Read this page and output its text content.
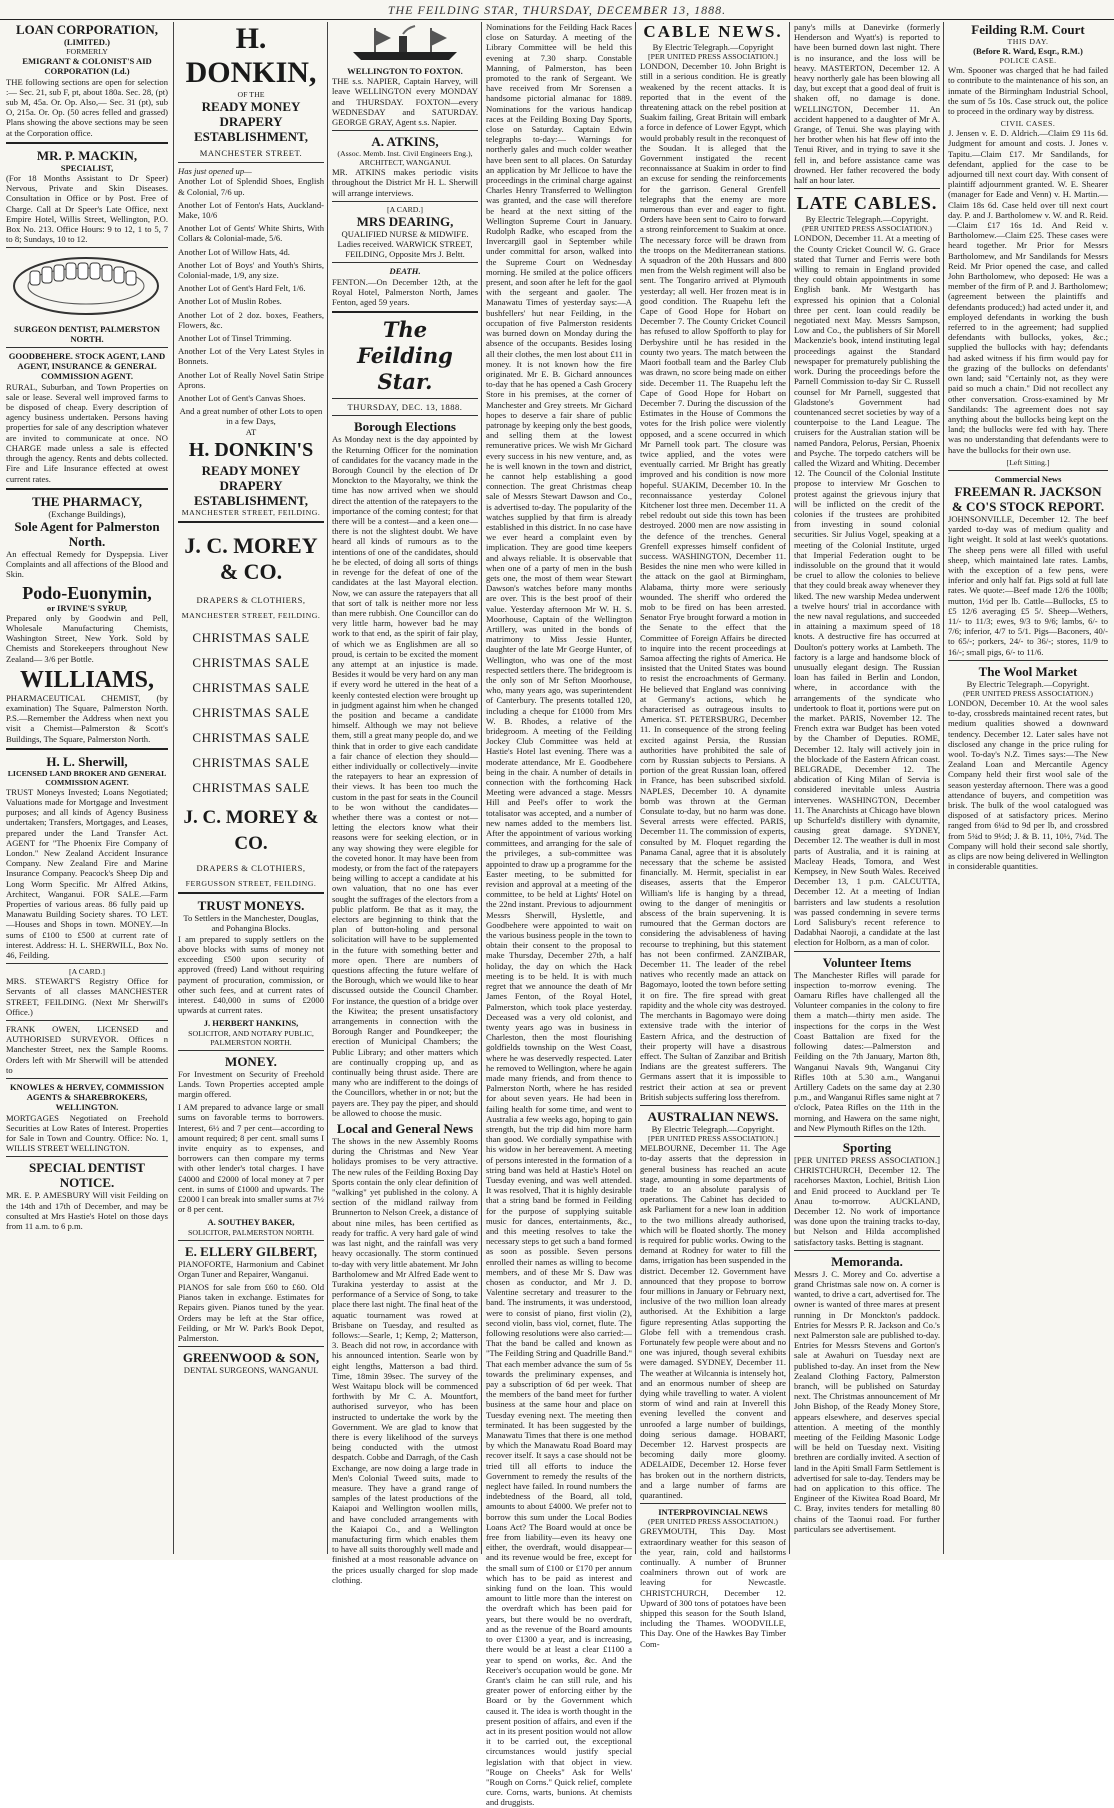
THE FEILDING STAR, THURSDAY, DECEMBER 13, 1888.
LOAN CORPORATION,
(LIMITED.)
FORMERLY
EMIGRANT & COLONIST'S AID CORPORATION (Ld.)

THE following sections are open for selection :— Sec. 21, sub F, pt, about 180a. Sec. 28, (pt) sub M, 45a. Or. Op. Also,— Sec. 31 (pt), sub O, 215a. Or. Op. (50 acres felled and grassed) Plans showing the above sections may be seen at the Corporation office.

MR. P. MACKIN,
SPECIALIST,

(For 18 Months Assistant to Dr Speer) Nervous, Private and Skin Diseases. Consultation in Office or by Post. Free of Charge. Call at Dr Speer's Late Office, next Empire Hotel, Willis Street, Wellington, P.O. Box No. 213. Office Hours: 9 to 12, 1 to 5, 7 to 8; Sundays, 10 to 12.

SURGEON DENTIST, PALMERSTON NORTH.
GOODBEHERE. STOCK AGENT, LAND AGENT, INSURANCE & GENERAL COMMISSION AGENT.

RURAL, Suburban, and Town Properties on sale or lease. Several well improved farms to be disposed of cheap. Every description of agency business undertaken. Persons having properties for sale of any description whatever are invited to communicate at once. NO CHARGE made unless a sale is effected through the agency. Rents and debts collected. Fire and Life Insurance effected at owest current rates.

THE PHARMACY,
(Exchange Buildings),
Sole Agent for Palmerston North.

An effectual Remedy for Dyspepsia. Liver Complaints and all affections of the Blood and Skin.

Podo-Euonymin,
or IRVINE'S SYRUP,

Prepared only by Goodwin and Pell, Wholesale Manufacturing Chemists, Washington Street, New York. Sold by Chemists and Storekeepers throughout New Zealand— 3/6 per Bottle.

WILLIAMS,

PHARMACEUTICAL CHEMIST, (by examination) The Square, Palmerston North. P.S.—Remember the Address when next you visit a Chemist—Palmerston & Scott's Buildings, The Square, Palmerston North.

H. L. Sherwill,
LICENSED LAND BROKER AND GENERAL COMMISSION AGENT.

TRUST Moneys Invested; Loans Negotiated; Valuations made for Mortgage and Investment purposes; and all kinds of Agency Business undertaken; Transfers, Mortgages, and Leases, prepared under the Land Transfer Act. AGENT for "The Phoenix Fire Company of London." New Zealand Accident Insurance Company. New Zealand Fire and Marine Insurance Company. Peacock's Sheep Dip and Long Worm Specific. Mr Alfred Atkins, Architect, Wanganui. FOR SALE.—Farm Properties of various areas. 86 fully paid up Manawatu Building Society shares. TO LET.—Houses and Shops in town. MONEY.—In sums of £100 to £500 at current rate of interest. Address: H. L. SHERWILL, Box No. 46, Feilding.

[A CARD.]

MRS. STEWART'S Registry Office for Servants of all classes MANCHESTER STREET, FEILDING. (Next Mr Sherwill's Office.)

FRANK OWEN, LICENSED and AUTHORISED SURVEYOR. Offices n Manchester Street, nex the Sample Rooms. Orders left with Mr Sherwill will be attended to

KNOWLES & HERVEY, COMMISSION AGENTS & SHAREBROKERS, WELLINGTON.

MORTGAGES Negotiated on Freehold Securities at Low Rates of Interest. Properties for Sale in Town and Country. Office: No. 1, WILLIS STREET WELLINGTON.

SPECIAL DENTIST NOTICE.

MR. E. P. AMESBURY Will visit Feilding on the 14th and 17th of December, and may be consulted at Mrs Hastie's Hotel on those days from 11 a.m. to 6 p.m.

H. DONKIN,
OF THE
READY MONEY DRAPERY ESTABLISHMENT,
MANCHESTER STREET.
Has just opened up—

Another Lot of Splendid Shoes, English & Colonial, 7/6 up.

Another Lot of Fenton's Hats, Auckland-Make, 10/6

Another Lot of Gents' White Shirts, With Collars & Colonial-made, 5/6.

Another Lot of Willow Hats, 4d.

Another Lot of Boys' and Youth's Shirts, Colonial-made, 1/9, any size.

Another Lot of Gent's Hard Felt, 1/6.

Another Lot of Muslin Robes.

Another Lot of 2 doz. boxes, Feathers, Flowers, &c.

Another Lot of Tinsel Trimming.

Another Lot of the Very Latest Styles in Bonnets.

Another Lot of Really Novel Satin Stripe Aprons.

Another Lot of Gent's Canvas Shoes.

And a great number of other Lots to open in a few Days,
AT
H. DONKIN'S
READY MONEY DRAPERY ESTABLISHMENT,
MANCHESTER STREET, FEILDING.
J. C. MOREY & CO.
DRAPERS & CLOTHIERS,
MANCHESTER STREET, FEILDING.
CHRISTMAS SALE
CHRISTMAS SALE
CHRISTMAS SALE
CHRISTMAS SALE
CHRISTMAS SALE
CHRISTMAS SALE
CHRISTMAS SALE
J. C. MOREY & CO.
DRAPERS & CLOTHIERS,
FERGUSSON STREET, FEILDING.
TRUST MONEYS.
To Settlers in the Manchester, Douglas, and Pohangina Blocks.

I am prepared to supply settlers on the above blocks with sums of money not exceeding £500 upon security of approved (freed) Land without requiring payment of procuration, commission, or other such fees, and at current rates of interest. £40,000 in sums of £2000 upwards at current rates.

J. HERBERT HANKINS,
SOLICITOR, AND NOTARY PUBLIC, PALMERSTON NORTH.
MONEY.

For Investment on Security of Freehold Lands. Town Properties accepted ample margin offered.

I AM prepared to advance large or small sums on favorable terms to borrowers. Interest, 6½ and 7 per cent—according to amount required; 8 per cent. small sums I invite enquiry as to expenses, and borrowers can then compare my terms with other lender's total charges. I have £4000 and £2000 of local money at 7 per cent. in sums of £1000 and upwards. The £2000 I can break into smaller sums at 7½ or 8 per cent.

A. SOUTHEY BAKER,
SOLICITOR, PALMERSTON NORTH.
E. ELLERY GILBERT,

PIANOFORTE, Harmonium and Cabinet Organ Tuner and Repairer, Wanganui.

PIANOS for sale from £60 to £60. Old Pianos taken in exchange. Estimates for Repairs given. Pianos tuned by the year. Orders may be left at the Star office, Feilding, or Mr W. Park's Book Depot, Palmerston.

GREENWOOD & SON,
DENTAL SURGEONS, WANGANUI.
WELLINGTON TO FOXTON.

THE s.s. NAPIER, Captain Harvey, will leave WELLINGTON every MONDAY and THURSDAY. FOXTON—every WEDNESDAY and SATURDAY. GEORGE GRAY, Agent s.s. Napier.

A. ATKINS,
(Assoc. Memb. Inst. Civil Engineers Eng.), ARCHITECT, WANGANUI.

MR. ATKINS makes periodic visits throughout the District Mr H. L. Sherwill will arrange interviews.

[A CARD.]
MRS DEARING,

QUALIFIED NURSE & MIDWIFE. Ladies received. WARWICK STREET, FEILDING, Opposite Mrs J. Beltt.

DEATH.

FENTON.—On December 12th, at the Royal Hotel, Palmerston North, James Fenton, aged 59 years.

The Feilding Star.
THURSDAY, DEC. 13, 1888.
Borough Elections

As Monday next is the day appointed by the Returning Officer for the nomination of candidates for the vacancy made in the Borough Council by the election of Dr Monckton to the Mayoralty, we think the time has now arrived when we should direct the attention of the ratepayers to the importance of the coming contest; for that there will be a contest—and a keen one—there is not the slightest doubt. We have heard all kinds of rumours as to the intentions of one of the candidates, should he be elected, of doing all sorts of things in revenge for the defeat of one of the candidates at the last Mayoral election. Now, we can assure the ratepayers that all that sort of talk is neither more nor less than mere rubbish. One Councillor can do very little harm, however bad he may work to that end, as the spirit of fair play, of which we as Englishmen are all so proud, is certain to be excited the moment any attempt at an injustice is made. Besides it would be very hard on any man if every word he uttered in the heat of a keenly contested election were brought up in judgment against him when he changed the position and became a candidate himself. Although we may not believe them, still a great many people do, and we think that in order to give each candidate a fair chance of election they should—either individually or collectively—invite the ratepayers to hear an expression of their views. It has been too much the custom in the past for seats in the Council to be won without the candidates—whether there was a contest or not—letting the electors know what their reasons were for seeking election, or in any way showing they were elegible for the coveted honor. It may have been from modesty, or from the fact of the ratepayers being willing to accept a candidate at his own valuation, that no one has ever sought the suffrages of the electors from a public platform. Be that as it may, the electors are beginning to think that the plan of button-holing and personal solicitation will have to be supplemented in the future with something better and more open. There are numbers of questions affecting the future welfare of the Borough, which we would like to hear discussed outside the Council Chamber. For instance, the question of a bridge over the Kiwitea; the present unsatisfactory arrangements in connection with the Borough Ranger and Poundkeeper; the erection of Municipal Chambers; the Public Library; and other matters which are continually cropping up, and as continually being thrust aside. There are many who are indifferent to the doings of the Councillors, whether in or not; but the payers are. They pay the piper, and should be allowed to choose the music.

Local and General News

The shows in the new Assembly Rooms during the Christmas and New Year holidays promises to be very attractive. The new rules of the Feilding Boxing Day Sports contain the only clear definition of "walking" yet published in the colony. A section of the midland railway from Brunnerton to Nelson Creek, a distance of about nine miles, has been certified as ready for traffic. A very hard gale of wind was last night, and the rainfall was very heavy occasionally. The storm continued to-day with very little abatement. Mr John Bartholomew and Mr Alfred Eade went to Turakina yesterday to assist at the performance of a Service of Song, to take place there last night. The final heat of the aquatic tournament was rowed at Brisbane on Tuesday, and resulted as follows:—Searle, 1; Kemp, 2; Matterson, 3. Beach did not row, in accordance with his announced intention. Searle won by eight lengths, Matterson a bad third. Time, 18min 39sec. The survey of the West Waitapu block will be commenced forthwith by Mr C. A. Mountfort, authorised surveyor, who has been instructed to undertake the work by the Government. We are glad to know that there is every likelihood of the surveys being conducted with the utmost despatch. Cobbe and Darragh, of the Cash Exchange, are now doing a large trade in Men's Colonial Tweed suits, made to measure. They have a grand range of samples of the latest productions of the Kaiapoi and Wellington woollen mills, and have concluded arrangements with the Kaiapoi Co., and a Wellington manufacturing firm which enables them to have all suits thoroughly well made and finished at a most reasonable advance on the prices usually charged for slop made clothing.

Nominations for the Feilding Hack Races close on Saturday. A meeting of the Library Committee will be held this evening at 7.30 sharp. Constable Manning, of Palmerston, has been promoted to the rank of Sergeant. We have received from Mr Sorensen a handsome pictorial almanac for 1889. Nominations for the various handicap races at the Feilding Boxing Day Sports, close on Saturday. Captain Edwin telegraphs to-day:— Warnings for northerly gales and much colder weather have been sent to all places. On Saturday an application by Mr Jellicoe to have the proceedings in the criminal charge against Charles Henry Transferred to Wellington was granted, and the case will therefore be heard at the next sitting of the Wellington Supreme Court in January. Rudolph Radke, who escaped from the Invercargill gaol in September while under committal for arson, walked into the Supreme Court on Wednesday morning. He smiled at the police officers present, and soon after he left for the gaol with the sergeant and gaoler. The Manawatu Times of yesterday says:—A bushfellers' hut near Feilding, in the occupation of five Palmerston residents was burned down on Monday during the absence of the occupants. Besides losing all their clothes, the men lost about £11 in money. It is not known how the fire originated. Mr E. B. Gichard announces to-day that he has opened a Cash Grocery Store in his premises, at the corner of Manchester and Grey streets. Mr Gichard hopes to deserve a fair share of public patronage by keeping only the best goods, and selling them at the lowest remunerative prices. We wish Mr Gichard every success in his new venture, and, as he is well known in the town and district, he cannot help establishing a good connection. The great Christmas cheap sale of Messrs Stewart Dawson and Co., is advertised to-day. The popularity of the watches supplied by that firm is already established in this district. In no case have we ever heard a complaint even by implication. They are good time keepers and always reliable. It is observable that when one of a party of men in the bush gets one, the most of them wear Stewart Dawson's watches before many months are over. This is the best proof of their value. Yesterday afternoon Mr W. H. S. Moorhouse, Captain of the Wellington Artillery, was united in the bonds of matrimony to Miss Jessie Hunter, daughter of the late Mr George Hunter, of Wellington, who was one of the most respected settlers there. The bridegroom is the only son of Mr Sefton Moorhouse, who, many years ago, was superintendent of Canterbury. The presents totalled 120, including a cheque for £1000 from Mrs W. B. Rhodes, a relative of the bridegroom. A meeting of the Feilding Jockey Club Committee was held at Hastie's Hotel last evening. There was a moderate attendance, Mr E. Goodbehere being in the chair. A number of details in connection with the forthcoming Hack Meeting were advanced a stage. Messrs Hill and Peel's offer to work the totalisator was accepted, and a number of new names added to the members list. After the appointment of various working committees, and arranging for the sale of the privileges, a sub-committee was appointed to draw up a programme for the Easter meeting, to be submitted for revision and approval at a meeting of the committee, to be held at Lights' Hotel on the 22nd instant. Previous to adjournment Messrs Sherwill, Hyslettle, and Goodbehere were appointed to wait on the various business people in the town to obtain their consent to the proposal to make Thursday, December 27th, a half holiday, the day on which the Hack meeting is to be held. It is with much regret that we announce the death of Mr James Fenton, of the Royal Hotel, Palmerston, which took place yesterday. Deceased was a very old colonist, and twenty years ago was in business in Charleston, then the most flourishing goldfields township on the West Coast, where he was deservedly respected. Later he removed to Wellington, where he again made many friends, and from thence to Palmerston North, where he has resided for about seven years. He had been in failing health for some time, and went to Australia a few weeks ago, hoping to gain strength, but the trip did him more harm than good. We cordially sympathise with his widow in her bereavement. A meeting of persons interested in the formation of a string band was held at Hastie's Hotel on Tuesday evening, and was well attended. It was resolved, That it is highly desirable that a string band be formed in Feilding for the purpose of supplying suitable music for dances, entertainments, &c., and this meeting resolves to take the necessary steps to get such a band formed as soon as possible. Seven persons enrolled their names as willing to become members, and of these Mr S. Daw was chosen as conductor, and Mr J. D. Valentine secretary and treasurer to the band. The instruments, it was understood, were to consist of piano, first violin (2), second violin, bass viol, cornet, flute. The following resolutions were also carried:—That the band be called and known as "The Feilding String and Quadrille Band." That each member advance the sum of 5s towards the preliminary expenses, and pay a subscription of 6d per week. That the members of the band meet for further business at the same hour and place on Tuesday evening next. The meeting then terminated. It has been suggested by the Manawatu Times that there is one method by which the Manawatu Road Board may recover itself. It says a case should not be tried till all efforts to induce the Government to remedy the results of the neglect have failed. In round numbers the indebtedness of the Board, all told, amounts to about £4000. We prefer not to borrow this sum under the Local Bodies Loans Act? The Board would at once be free from liability—even its heavy one either, the overdraft, would disappear—and its revenue would be free, except for the small sum of £100 or £170 per annum which has to be paid as interest and sinking fund on the loan. This would amount to little more than the interest on the overdraft which has been paid for years, but there would be no overdraft, and as the revenue of the Board amounts to over £1300 a year, and is increasing, there would be at least a clear £1100 a year to spend on works, &c. And the Receiver's occupation would be gone. Mr Grant's claim he can still rule, and his greater power of enforcing either by the Board or by the Government which caused it. The idea is worth thought in the present position of affairs, and even if the act in its present position would not allow it to be carried out, the exceptional circumstances would justify special legislation with that object in view. "Rouge on Cheeks" Ask for Wells' "Rough on Corns." Quick relief, complete cure. Corns, warts, bunions. At chemists and druggists.

CABLE NEWS.
By Electric Telegraph.—Copyright
[PER UNITED PRESS ASSOCIATION.]

LONDON, December 10. John Bright is still in a serious condition. He is greatly weakened by the recent attacks. It is reported that in the event of the threatening attack on the rebel position at Suakim failing, Great Britain will embark a force in defence of Lower Egypt, which would probably result in the reconquest of the Soudan. It is alleged that the Government instigated the recent reconnaissance at Suakim in order to find an excuse for sending the reinforcements for the garrison. General Grenfell telegraphs that the enemy are more numerous than ever and eager to fight. Orders have been sent to Cairo to forward a strong reinforcement to Suakim at once. The necessary force will be drawn from the troops on the Mediterranean stations. A squadron of the 20th Hussars and 800 men from the Welsh regiment will also be sent. The Tongariro arrived at Plymouth yesterday; all well. Her frozen meat is in good condition. The Ruapehu left the Cape of Good Hope for Hobart on December 7. The County Cricket Council has refused to allow Spofforth to play for Derbyshire until he has resided in the county two years. The match between the Maori football team and the Barley Club was drawn, no score being made on either side. December 11. The Ruapehu left the Cape of Good Hope for Hobart on December 7. During the discussion of the Estimates in the House of Commons the votes for the Irish police were violently opposed, and a scene occurred in which Mr Parnell took part. The closure was twice applied, and the votes were eventually carried. Mr Bright has greatly improved and his condition is now more hopeful. SUAKIM, December 10. In the reconnaissance yesterday Colonel Kitchener lost three men. December 11. A rebel redoubt out side this town has been destroyed. 2000 men are now assisting in the defence of the trenches. General Grenfell expresses himself confident of success. WASHINGTON, December 11. Besides the nine men who were killed in the attack on the gaol at Birmingham, Alabama, thirty more were seriously wounded. The sheriff who ordered the mob to be fired on has been arrested. Senator Frye brought forward a motion in the Senate to the effect that the Committee of Foreign Affairs be directed to inquire into the recent proceedings at Samoa affecting the rights of America. He insisted that the United States was bound to resist the encroachments of Germany. He believed that England was conniving at Germany's actions, which he characterised as outrageous insults to America. ST. PETERSBURG, December 11. In consequence of the strong feeling excited against Persia, the Russian authorities have prohibited the sale of corn by Russian subjects to Persians. A portion of the great Russian loan, offered in France, has been subscribed sixfold. NAPLES, December 10. A dynamite bomb was thrown at the German Consulate to-day, but no harm was done. Several arrests were effected. PARIS, December 11. The commission of experts, consulted by M. Floquet regarding the Panama Canal, agree that it is absolutely necessary that the scheme be assisted financially. M. Hermit, specialist in ear diseases, asserts that the Emperor William's life is hanging by a thread, owing to the danger of meningitis or abscess of the brain supervening. It is rumoured that the German doctors are considering the advisableness of having recourse to trephining, but this statement has not been confirmed. ZANZIBAR, December 11. The leader of the rebel natives who recently made an attack on Bagomayo, looted the town before setting it on fire. The fire spread with great rapidity and the whole city was destroyed. The merchants in Bagomayo were doing extensive trade with the interior of Eastern Africa, and the destruction of their property will have a disastrous effect. The Sultan of Zanzibar and British Indians are the greatest sufferers. The Germans assert that it is impossible to restrict their action at sea or prevent British subjects suffering loss therefrom.

AUSTRALIAN NEWS.
By Electric Telegraph.—Copyright.
[PER UNITED PRESS ASSOCIATION.]

MELBOURNE, December 11. The Age to-day asserts that the depression in general business has reached an acute stage, amounting in some departments of trade to an absolute paralysis of operations. The Cabinet has decided to ask Parliament for a new loan in addition to the two millions already authorised, which will be floated shortly. The money is required for public works. Owing to the demand at Rodney for water to fill the dams, irrigation has been suspended in the district. December 12. Government have announced that they propose to borrow four millions in January or February next, inclusive of the two million loan already authorised. At the Exhibition a large figure representing Atlas supporting the Globe fell with a tremendous crash. Fortunately few people were about and no one was injured, though several exhibits were damaged. SYDNEY, December 11. The weather at Wilcannia is intensely hot, and an enormous number of sheep are dying while travelling to water. A violent storm of wind and rain at Inverell this evening levelled the convent and unroofed a large number of buildings, doing serious damage. HOBART, December 12. Harvest prospects are becoming daily more gloomy. ADELAIDE, December 12. Horse fever has broken out in the northern districts, and a large number of farms are quarantined.

INTERPROVINCIAL NEWS
(PER UNITED PRESS ASSOCIATION.)

GREYMOUTH, This Day. Most extraordinary weather for this season of the year, rain, cold and hailstorms continually. A number of Brunner coalminers thrown out of work are leaving for Newcastle. CHRISTCHURCH, December 12. Upward of 300 tons of potatoes have been shipped this season for the South Island, including the Thames. WOODVILLE, This Day. One of the Hawkes Bay Timber Com-

pany's mills at Danevirke (formerly Henderson and Wyatt's) is reported to have been burned down last night. There is no insurance, and the loss will be heavy. MASTERTON, December 12. A heavy northerly gale has been blowing all day, but except that a good deal of fruit is shaken off, no damage is done. WELLINGTON, December 11. An accident happened to a daughter of Mr A. Grange, of Tenui. She was playing with her brother when his hat flew off into the Tenui River, and in trying to save it she fell in, and before assistance came was drowned. Her father recovered the body half an hour later.

LATE CABLES.
By Electric Telegraph.—Copyright.
(PER UNITED PRESS ASSOCIATION.)

LONDON, December 11. At a meeting of the County Cricket Council W. G. Grace stated that Turner and Ferris were both willing to remain in England provided they could obtain appointments in some English bank. Mr Westgarth has expressed his opinion that a Colonial three per cent. loan could readily be negotiated next May. Messrs Sampson, Low and Co., the publishers of Sir Morell Mackenzie's book, intend instituting legal proceedings against the Standard newspaper for prematurely publishing the work. During the proceedings before the Parnell Commission to-day Sir C. Russell counsel for Mr Parnell, suggested that Gladstone's Government had countenanced secret societies by way of a counterpoise to the Land League. The cruisers for the Australian station will be named Pandora, Pelorus, Persian, Phoenix and Psyche. The torpedo catchers will be called the Wizard and Whiting. December 12. The Council of the Colonial Institute propose to interview Mr Goschen to protest against the grievous injury that will be inflicted on the credit of the colonies if the trustees are prohibited from investing in sound colonial securities. Sir Julius Vogel, speaking at a meeting of the Colonial Institute, urged that Imperial Federation ought to be indissoluble on the ground that it would be cruel to allow the colonies to believe that they could break away whenever they liked. The new warship Medea underwent a twelve hours' trial in accordance with the new naval regulations, and succeeded in attaining a maximum speed of 18 knots. A destructive fire has occurred at Doulton's pottery works at Lambeth. The factory is a large and handsome block of unusually elegant design. The Russian loan has failed in Berlin and London, where, in accordance with the arrangements of the syndicate who undertook to float it, portions were put on the market. PARIS, November 12. The French extra war Budget has been voted by the Chamber of Deputies. ROME, December 12. Italy will actively join in the blockade of the Eastern African coast. BELGRADE, December 12. The abdication of King Milan of Servia is considered inevitable unless Austria intervenes. WASHINGTON, December 11. The Anarchists at Chicago have blown up Schurfeld's distillery with dynamite, causing great damage. SYDNEY, December 12. The weather is dull in most parts of Australia, and it is raining at Macleay Heads, Tomora, and West Kempsey, in New South Wales. Received December 13, 1 p.m. CALCUTTA, December 12. At a meeting of Indian barristers and law students a resolution was passed condemning in severe terms Lord Salisbury's recent reference to Dadabhai Naoroji, a candidate at the last election for Holborn, as a man of color.

Volunteer Items

The Manchester Rifles will parade for inspection to-morrow evening. The Oamaru Rifles have challenged all the Volunteer companies in the colony to fire them a match—thirty men aside. The inspections for the corps in the West Coast Battalion are fixed for the following dates:—Palmerston and Feilding on the 7th January, Marton 8th, Wanganui Navals 9th, Wanganui City Rifles 10th at 5.30 a.m., Wanganui Artillery Cadets on the same day at 2.30 p.m., and Wanganui Rifles same night at 7 o'clock, Patea Rifles on the 11th in the morning, and Hawera on the same night, and New Plymouth Rifles on the 12th.

Sporting

[PER UNITED PRESS ASSOCIATION.] CHRISTCHURCH, December 12. The racehorses Maxton, Lochiel, British Lion and Enid proceed to Auckland per Te Anau to-morrow. AUCKLAND, December 12. No work of importance was done upon the training tracks to-day, but Nelson and Hilda accomplished satisfactory tasks. Betting is stagnant.

Memoranda.

Messrs J. C. Morey and Co. advertise a grand Christmas sale now on. A corner is wanted, to drive a cart, advertised for. The owner is wanted of three mares at present running in Dr Monckton's paddock. Entries for Messrs P. R. Jackson and Co.'s next Palmerston sale are published to-day. Entries for Messrs Stevens and Gorton's sale at Awahuri on Tuesday next are published to-day. An inset from the New Zealand Clothing Factory, Palmerston branch, will be published on Saturday next. The Christmas announcement of Mr John Bishop, of the Ready Money Store, appears elsewhere, and deserves special attention. A meeting of the monthly meeting of the Feilding Masonic Lodge will be held on Tuesday next. Visiting brethren are cordially invited. A section of land in the Apiti Small Farm Settlement is advertised for sale to-day. Tenders may be had on application to this office. The Engineer of the Kiwitea Road Board, Mr C. Bray, invites tenders for metalling 80 chains of the Taonui road. For further particulars see advertisement.

Feilding R.M. Court
THIS DAY.
(Before R. Ward, Esqr., R.M.)
POLICE CASE.

Wm. Spooner was charged that he had failed to contribute to the maintenance of his son, an inmate of the Birmingham Industrial School, the sum of 5s 10s. Case struck out, the police to proceed in the ordinary way by distress.

CIVIL CASES.

J. Jensen v. E. D. Aldrich.—Claim £9 11s 6d. Judgment for amount and costs. J. Jones v. Tapitu.—Claim £17. Mr Sandilands, for defendant, applied for the case to be adjourned till next court day. With consent of plaintiff adjournment granted. W. E. Shearer (manager for Eade and Venn) v. H. Martin.—Claim 18s 6d. Case held over till next court day. P. and J. Bartholomew v. W. and R. Reid.—Claim £17 16s 1d. And Reid v. Bartholomew.—Claim £25. These cases were heard together. Mr Prior for Messrs Bartholomew, and Mr Sandilands for Messrs Reid. Mr Prior opened the case, and called John Bartholomew, who deposed: He was a member of the firm of P. and J. Bartholomew; (agreement between the plaintiffs and defendants produced;) had acted under it, and employed defendants in working the bush referred to in the agreement; had supplied defendants with bullocks, yokes, &c.; supplied the bullocks with hay; defendants had asked witness if his firm would pay for the grazing of the bullocks on defendants' own land; said "Certainly not, as they were paid so much a chain." Did not recollect any other conversation. Cross-examined by Mr Sandilands: The agreement does not say anything about the bullocks being kept on the land; the bullocks were fed with hay. There was no understanding that defendants were to have the bullocks for their own use.

[Left Sitting.]
Commercial News
FREEMAN R. JACKSON & CO'S STOCK REPORT.

JOHNSONVILLE, December 12. The beef yarded to-day was of medium quality and light weight. It sold at last week's quotations. The sheep pens were all filled with useful sheep, which maintained late rates. Lambs, with the exception of a few pens, were inferior and only half fat. Pigs sold at full late rates. We quote:—Beef made 12/6 the 100lb; mutton, 1½d per lb. Cattle—Bullocks, £5 to £5 12/6 averaging £5 5/. Sheep—Wethers, 11/- to 11/3; ewes, 9/3 to 9/6; lambs, 6/- to 7/6; inferior, 4/7 to 5/1. Pigs—Baconers, 40/- to 65/-; porkers, 24/- to 36/-; stores, 11/9 to 16/-; small pigs, 6/- to 11/6.

The Wool Market
By Electric Telegraph.—Copyright.
(PER UNITED PRESS ASSOCIATION.)

LONDON, December 10. At the wool sales to-day, crossbreds maintained recent rates, but medium qualities showed a downward tendency. December 12. Later sales have not disclosed any change in the price ruling for wool. To-day's N.Z. Times says:—The New Zealand Loan and Mercantile Agency Company held their first wool sale of the season yesterday afternoon. There was a good attendance of buyers, and competition was brisk. The bulk of the wool catalogued was disposed of at satisfactory prices. Merino ranged from 6¼d to 9d per lb, and crossbred from 5¾d to 9½d; J. & B. 11, 10½, 7¼d. The Company will hold their second sale shortly, as clips are now being delivered in Wellington in considerable quantities.
